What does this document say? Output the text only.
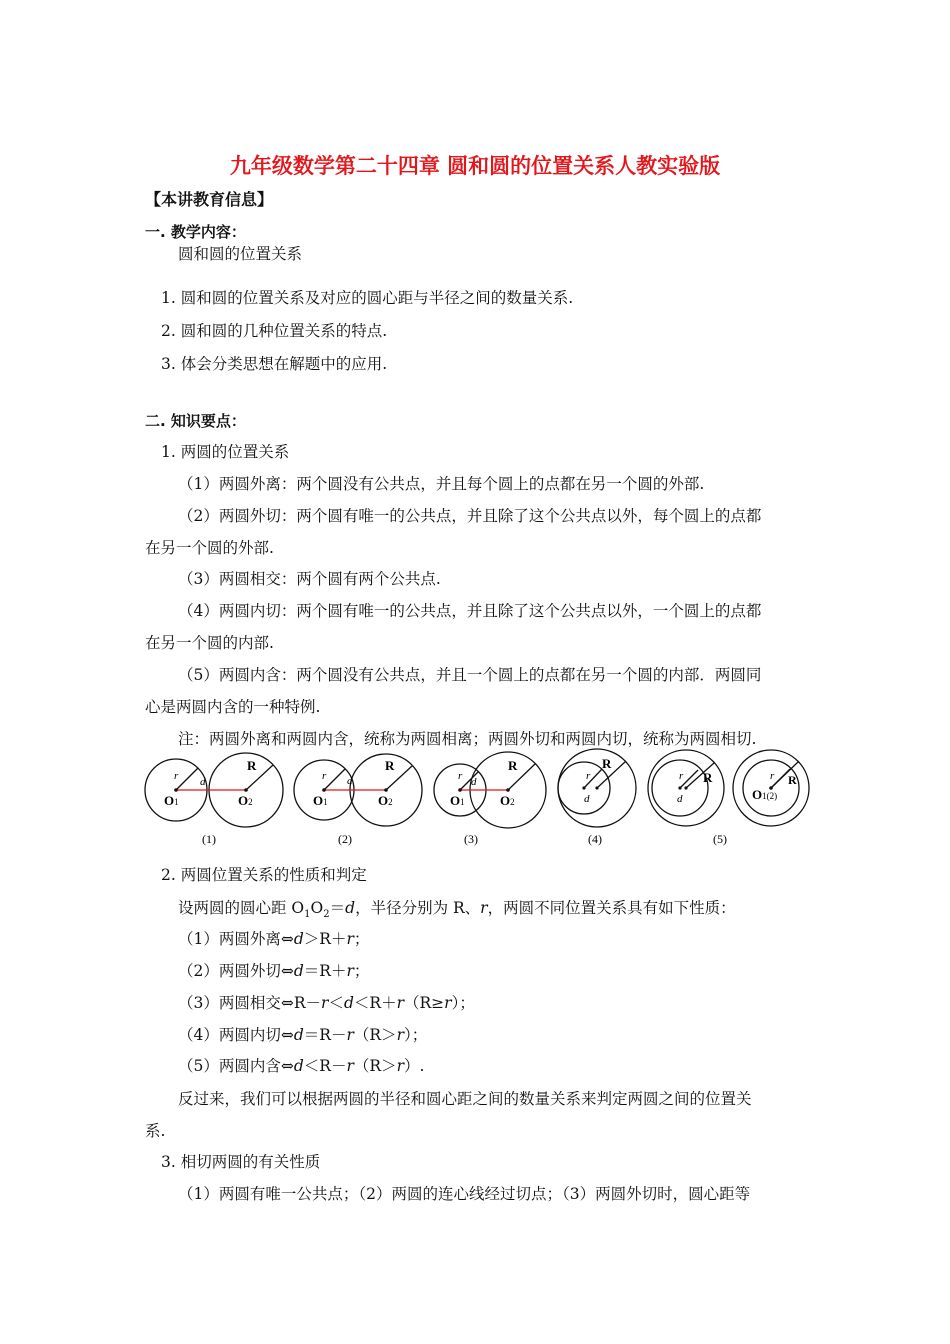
九年级数学第二十四章 圆和圆的位置关系人教实验版
【本讲教育信息】
一. 教学内容：
圆和圆的位置关系
1. 圆和圆的位置关系及对应的圆心距与半径之间的数量关系.
2. 圆和圆的几种位置关系的特点.
3. 体会分类思想在解题中的应用.
二. 知识要点：
1. 两圆的位置关系
（1）两圆外离：两个圆没有公共点，并且每个圆上的点都在另一个圆的外部.
（2）两圆外切：两个圆有唯一的公共点，并且除了这个公共点以外，每个圆上的点都
在另一个圆的外部.
（3）两圆相交：两个圆有两个公共点.
（4）两圆内切：两个圆有唯一的公共点，并且除了这个公共点以外，一个圆上的点都
在另一个圆的内部.
（5）两圆内含：两个圆没有公共点，并且一个圆上的点都在另一个圆的内部．两圆同
心是两圆内含的一种特例.
注：两圆外离和两圆内含，统称为两圆相离；两圆外切和两圆内切，统称为两圆相切.
r d
R
O1	O2
(1)
r d
R
O1	O2
(2)
r d
R
O1	O2
(3)
r
R
d
(4)
r R
d
r R
O1(2)
(5)
2. 两圆位置关系的性质和判定
设两圆的圆心距 $O_1O_2=d$，半径分别为 R、r，两圆不同位置关系具有如下性质：
（1）两圆外离⇔d＞R＋r；
（2）两圆外切⇔d＝R＋r；
（3）两圆相交⇔R－r＜d＜R＋r（R≥r）；
（4）两圆内切⇔d＝R－r（R＞r）；
（5）两圆内含⇔d＜R－r（R＞r）.
反过来，我们可以根据两圆的半径和圆心距之间的数量关系来判定两圆之间的位置关
系.
3. 相切两圆的有关性质
（1）两圆有唯一公共点；（2）两圆的连心线经过切点；（3）两圆外切时，圆心距等
